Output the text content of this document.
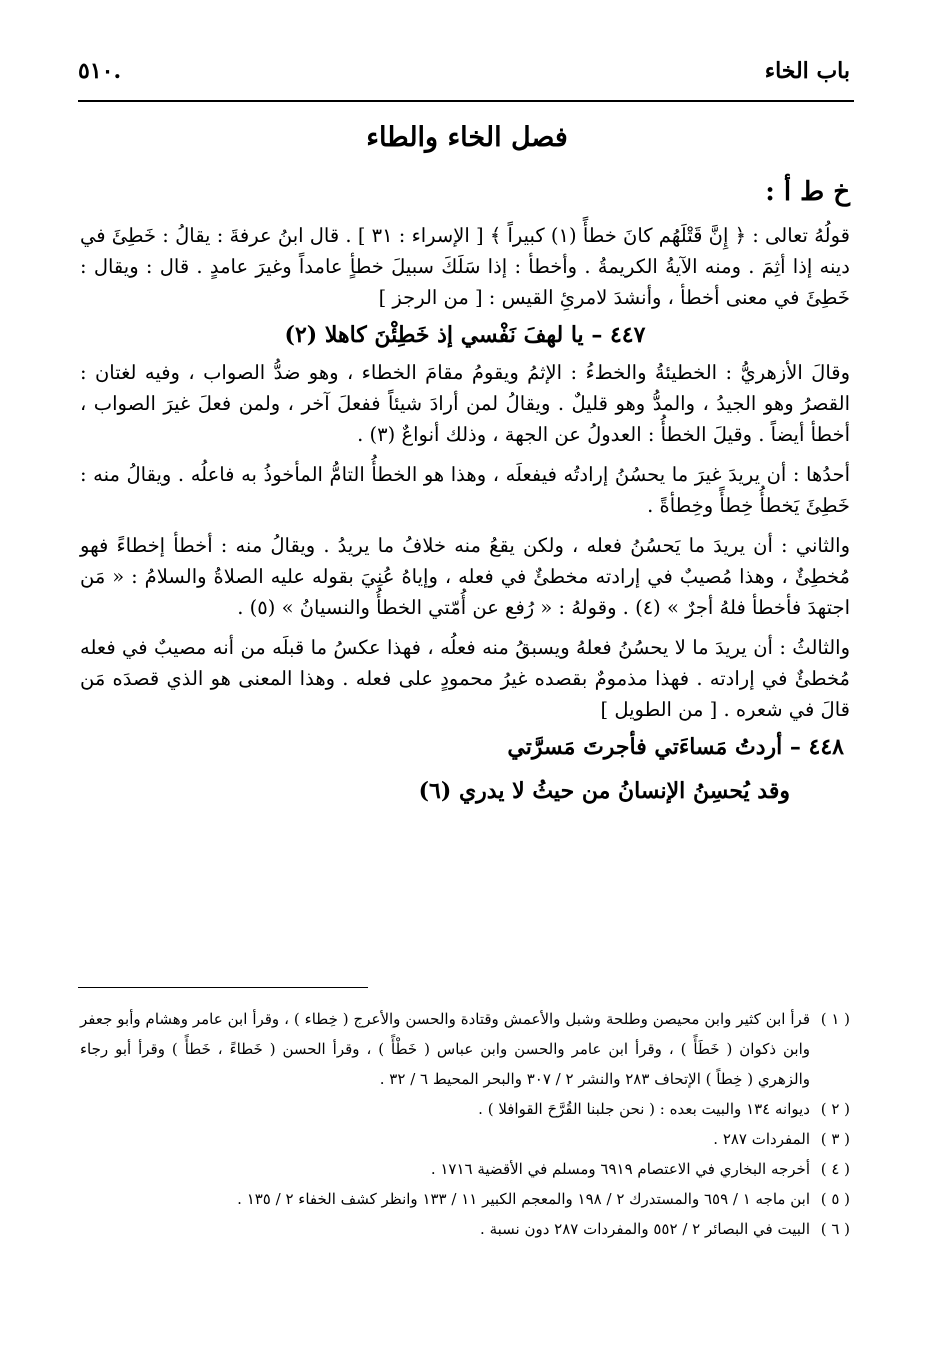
باب الخاء
٥١٠.
فصل الخاء والطاء
خ ط أ :

قولُهُ تعالى : ﴿ إِنَّ قَتْلَهُم كانَ خطأً (١) كبيراً ﴾ [ الإسراء : ٣١ ] . قال ابنُ عرفةَ : يقالُ : خَطِئَ في دينه إذا أثِمَ . ومنه الآيةُ الكريمةُ . وأخطأ : إذا سَلَكَ سبيلَ خطأٍ عامداً وغيرَ عامدٍ . قال : ويقال : خَطِئَ في معنى أخطأ ، وأنشدَ لامرئِ القيس : [ من الرجز ]

٤٤٧ – يا لهفَ نَفْسي إذ خَطِئْنَ كاهلا (٢)

وقالَ الأزهريُّ : الخطيئةُ والخطءُ : الإثمُ ويقومُ مقامَ الخطاء ، وهو ضدُّ الصواب ، وفيه لغتان : القصرُ وهو الجيدُ ، والمدُّ وهو قليلٌ . ويقالُ لمن أرادَ شيئاً ففعلَ آخر ، ولمن فعلَ غيرَ الصواب ، أخطأ أيضاً . وقيلَ الخطأُ : العدولُ عن الجهة ، وذلك أنواعٌ (٣) .

أحدُها : أن يريدَ غيرَ ما يحسُنُ إرادتُه فيفعلَه ، وهذا هو الخطأُ التامُّ المأخوذُ به فاعلُه . ويقالُ منه : خَطِئَ يَخطأُ خِطأً وخِطأةً .

والثاني : أن يريدَ ما يَحسُنُ فعله ، ولكن يقعُ منه خلافُ ما يريدُ . ويقالُ منه : أخطأ إخطاءً فهو مُخطِئٌ ، وهذا مُصيبٌ في إرادته مخطئٌ في فعله ، وإياهُ عُنِيَ بقوله عليه الصلاةُ والسلامُ : « مَن اجتهدَ فأخطأ فلهُ أجرٌ » (٤) . وقولهُ : « رُفع عن أُمّتي الخطأُ والنسيانُ » (٥) .

والثالثُ : أن يريدَ ما لا يحسُنُ فعلهُ ويسبقُ منه فعلُه ، فهذا عكسُ ما قبلَه من أنه مصيبٌ في فعله مُخطئٌ في إرادته . فهذا مذمومٌ بقصده غيرُ محمودٍ على فعله . وهذا المعنى هو الذي قصدَه مَن قالَ في شعره . [ من الطويل ]

٤٤٨ – أردتُ مَساءَتي فأجرتَ مَسرَّتي
وقد يُحسِنُ الإنسانُ من حيثُ لا يدري (٦)
( ١ )
قرأ ابن كثير وابن محيصن وطلحة وشبل والأعمش وقتادة والحسن والأعرج ( خِطاء ) ، وقرأ ابن عامر وهشام وأبو جعفر وابن ذكوان ( خَطَأً ) ، وقرأ ابن عامر والحسن وابن عباس ( خَطْأً ) ، وقرأ الحسن ( خَطاءً ، خَطأً ) وقرأ أبو رجاء والزهري ( خِطاً ) الإتحاف ٢٨٣ والنشر ٢ / ٣٠٧ والبحر المحيط ٦ / ٣٢ .
( ٢ )
ديوانه ١٣٤ والبيت بعده : ( نحن جلبنا القُرَّحَ القوافلا ) .
( ٣ )
المفردات ٢٨٧ .
( ٤ )
أخرجه البخاري في الاعتصام ٦٩١٩ ومسلم في الأقضية ١٧١٦ .
( ٥ )
ابن ماجه ١ / ٦٥٩ والمستدرك ٢ / ١٩٨ والمعجم الكبير ١١ / ١٣٣ وانظر كشف الخفاء ٢ / ١٣٥ .
( ٦ )
البيت في البصائر ٢ / ٥٥٢ والمفردات ٢٨٧ دون نسبة .
